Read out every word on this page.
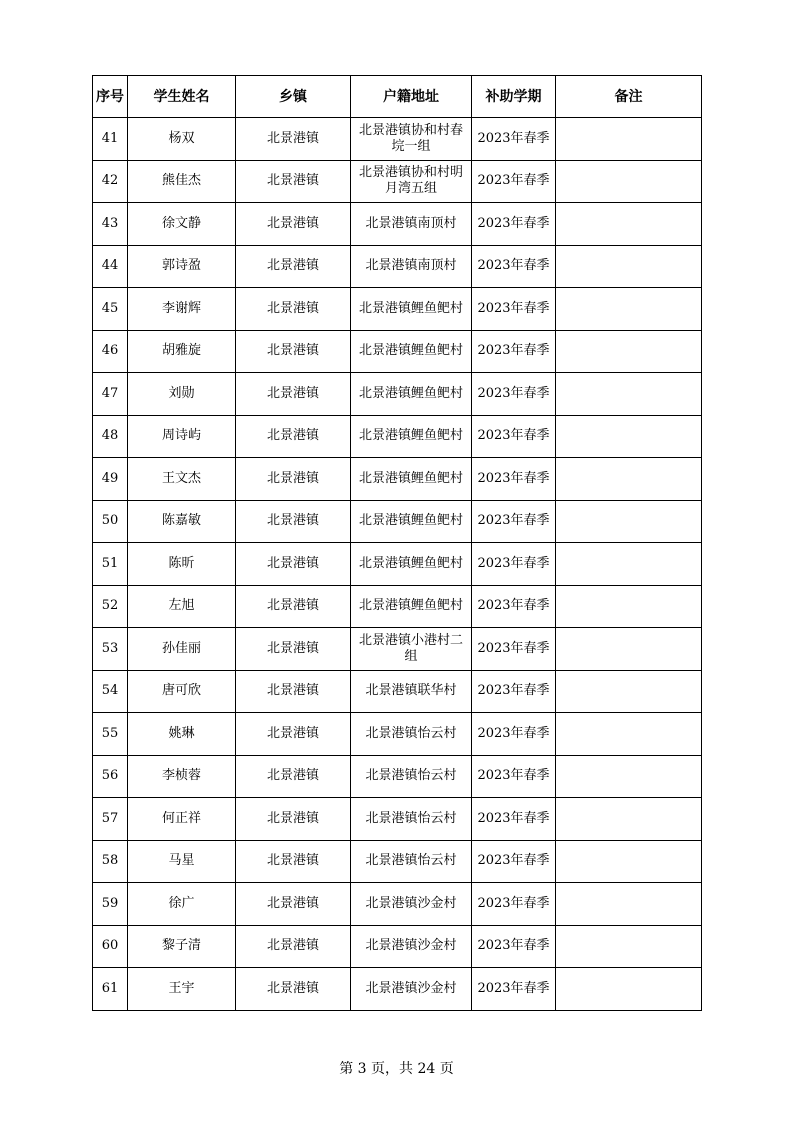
序号	学生姓名	乡镇	户籍地址	补助学期	备注
41	杨双	北景港镇	北景港镇协和村春垸一组	2023年春季	
42	熊佳杰	北景港镇	北景港镇协和村明月湾五组	2023年春季	
43	徐文静	北景港镇	北景港镇南顶村	2023年春季	
44	郭诗盈	北景港镇	北景港镇南顶村	2023年春季	
45	李谢辉	北景港镇	北景港镇鲤鱼鲃村	2023年春季	
46	胡雅旋	北景港镇	北景港镇鲤鱼鲃村	2023年春季	
47	刘勋	北景港镇	北景港镇鲤鱼鲃村	2023年春季	
48	周诗屿	北景港镇	北景港镇鲤鱼鲃村	2023年春季	
49	王文杰	北景港镇	北景港镇鲤鱼鲃村	2023年春季	
50	陈嘉敏	北景港镇	北景港镇鲤鱼鲃村	2023年春季	
51	陈昕	北景港镇	北景港镇鲤鱼鲃村	2023年春季	
52	左旭	北景港镇	北景港镇鲤鱼鲃村	2023年春季	
53	孙佳丽	北景港镇	北景港镇小港村二组	2023年春季	
54	唐可欣	北景港镇	北景港镇联华村	2023年春季	
55	姚琳	北景港镇	北景港镇怡云村	2023年春季	
56	李桢蓉	北景港镇	北景港镇怡云村	2023年春季	
57	何正祥	北景港镇	北景港镇怡云村	2023年春季	
58	马星	北景港镇	北景港镇怡云村	2023年春季	
59	徐广	北景港镇	北景港镇沙金村	2023年春季	
60	黎子清	北景港镇	北景港镇沙金村	2023年春季	
61	王宇	北景港镇	北景港镇沙金村	2023年春季	
第 3 页，共 24 页
